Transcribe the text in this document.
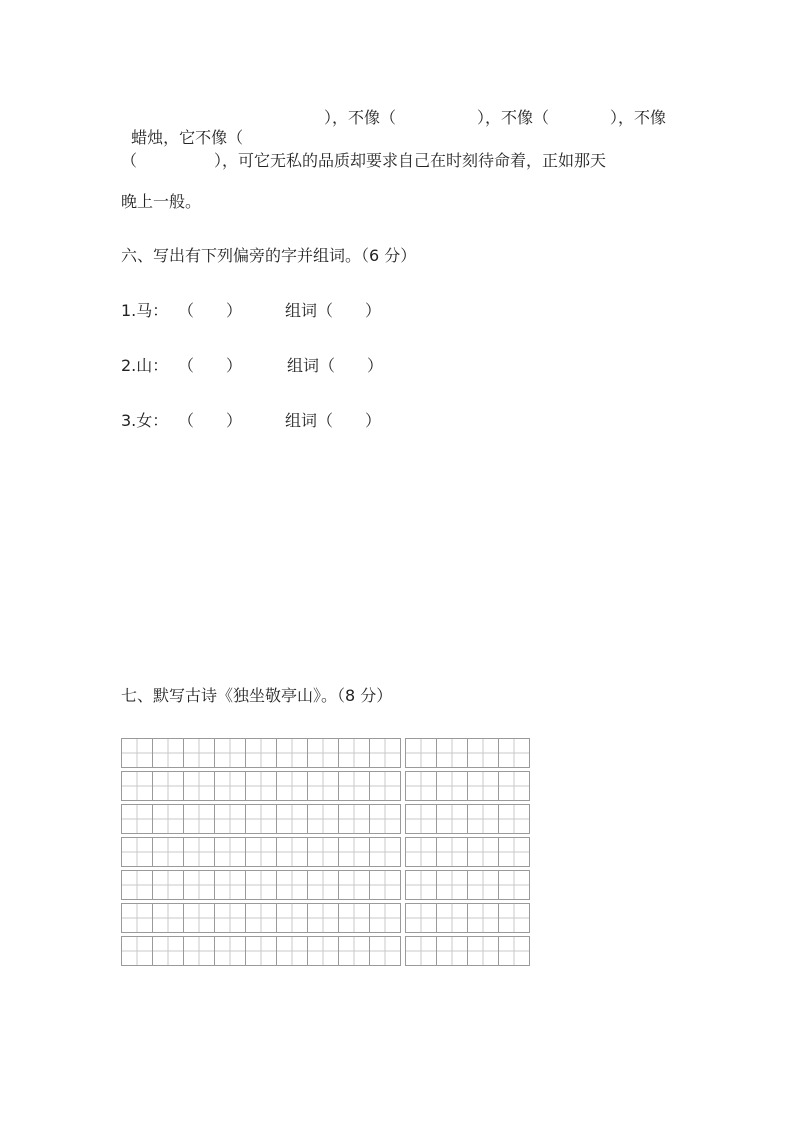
蜡烛，它不像（

），不像（	），不像（	），不像
（	），可它无私的品质却要求自己在时刻待命着，正如那天
晚上一般。
六、写出有下列偏旁的字并组词。（6 分）
1.马： （　　）	组词（　　）
2.山： （　　）	组词（　　）
3.女： （　　）	组词（　　）
七、默写古诗《独坐敬亭山》。（8 分）
